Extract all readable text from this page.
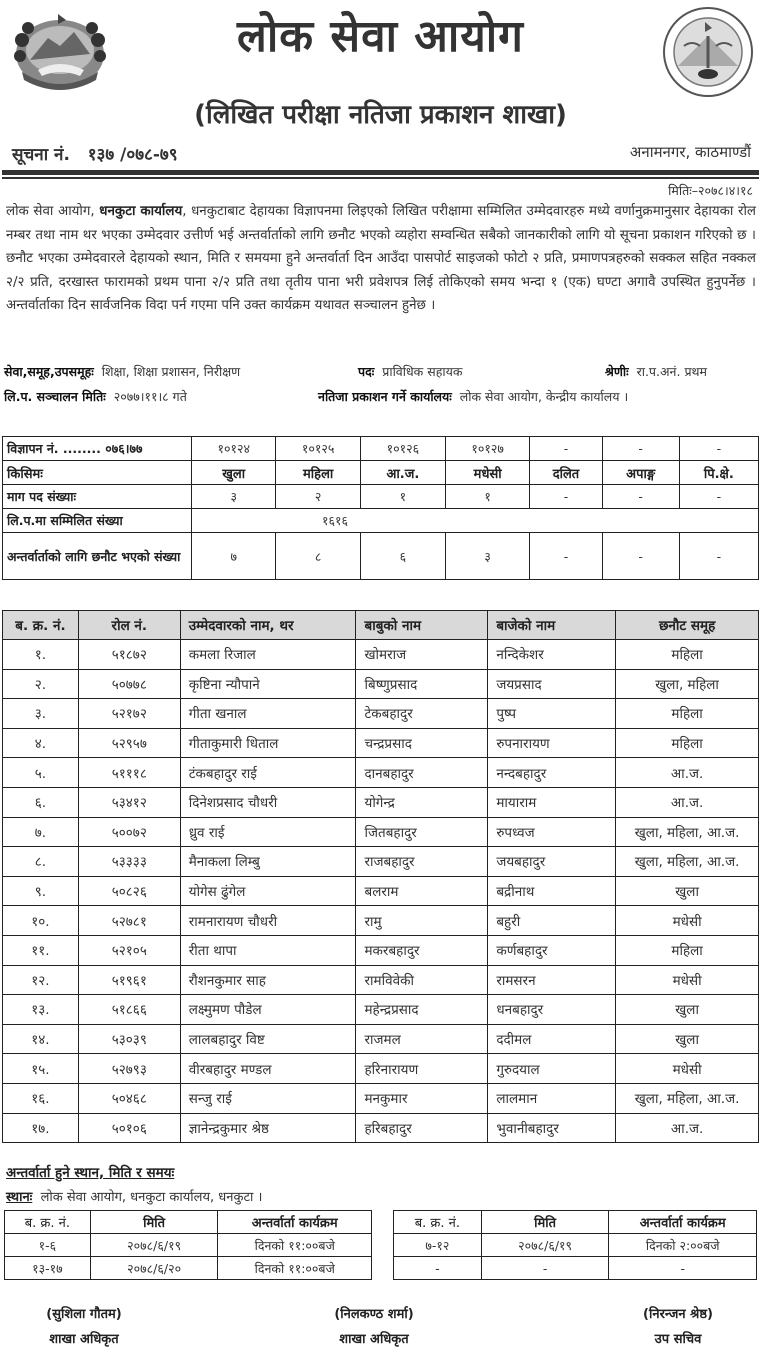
लोक सेवा आयोग
(लिखित परीक्षा नतिजा प्रकाशन शाखा)
सूचना नं. १३७ /०७८-७९	अनामनगर, काठमाण्डौं
मितिः–२०७८।४।१८
लोक सेवा आयोग, धनकुटा कार्यालय, धनकुटाबाट देहायका विज्ञापनमा लिइएको लिखित परीक्षामा सम्मिलित उम्मेदवारहरु मध्ये वर्णानुक्रमानुसार देहायका रोल नम्बर तथा नाम थर भएका उम्मेदवार उत्तीर्ण भई अन्तर्वार्ताको लागि छनौट भएको व्यहोरा सम्वन्धित सबैको जानकारीको लागि यो सूचना प्रकाशन गरिएको छ । छनौट भएका उम्मेदवारले देहायको स्थान, मिति र समयमा हुने अन्तर्वार्ता दिन आउँदा पासपोर्ट साइजको फोटो २ प्रति, प्रमाणपत्रहरुको सक्कल सहित नक्कल २/२ प्रति, दरखास्त फारामको प्रथम पाना २/२ प्रति तथा तृतीय पाना भरी प्रवेशपत्र लिई तोकिएको समय भन्दा १ (एक) घण्टा अगावै उपस्थित हुनुपर्नेछ । अन्तर्वार्ताका दिन सार्वजनिक विदा पर्न गएमा पनि उक्त कार्यक्रम यथावत सञ्चालन हुनेछ ।
सेवा,समूह,उपसमूहः शिक्षा, शिक्षा प्रशासन, निरीक्षण	पदः प्राविधिक सहायक	श्रेणीः रा.प.अनं. प्रथम
लि.प. सञ्चालन मितिः २०७७।११।८ गते	नतिजा प्रकाशन गर्ने कार्यालयः लोक सेवा आयोग, केन्द्रीय कार्यालय ।
विज्ञापन नं. ........ ०७६।७७	१०१२४	१०१२५	१०१२६	१०१२७	-	-	-
किसिमः	खुला	महिला	आ.ज.	मधेसी	दलित	अपाङ्ग	पि.क्षे.
माग पद संख्याः	३	२	१	१	-	-	-
लि.प.मा सम्मिलित संख्या	१६१६						
अन्तर्वार्ताको लागि छनौट भएको संख्या	७	८	६	३	-	-	-
ब. क्र. नं.	रोल नं.	उम्मेदवारको नाम, थर	बाबुको नाम	बाजेको नाम	छनौट समूह
१.	५१८७२	कमला रिजाल	खोमराज	नन्दिकेशर	महिला
२.	५०७७८	कृष्टिना न्यौपाने	बिष्णुप्रसाद	जयप्रसाद	खुला, महिला
३.	५२१७२	गीता खनाल	टेकबहादुर	पुष्प	महिला
४.	५२९५७	गीताकुमारी धिताल	चन्द्रप्रसाद	रुपनारायण	महिला
५.	५१११८	टंकबहादुर राई	दानबहादुर	नन्दबहादुर	आ.ज.
६.	५३४१२	दिनेशप्रसाद चौधरी	योगेन्द्र	मायाराम	आ.ज.
७.	५००७२	ध्रुव राई	जितबहादुर	रुपध्वज	खुला, महिला, आ.ज.
८.	५३३३३	मैनाकला लिम्बु	राजबहादुर	जयबहादुर	खुला, महिला, आ.ज.
९.	५०८२६	योगेस ढुंगेल	बलराम	बद्रीनाथ	खुला
१०.	५२७८१	रामनारायण चौधरी	रामु	बहुरी	मधेसी
११.	५२१०५	रीता थापा	मकरबहादुर	कर्णबहादुर	महिला
१२.	५१९६१	रौशनकुमार साह	रामविवेकी	रामसरन	मधेसी
१३.	५१८६६	लक्ष्मुमण पौडेल	महेन्द्रप्रसाद	धनबहादुर	खुला
१४.	५३०३९	लालबहादुर विष्ट	राजमल	ददीमल	खुला
१५.	५२७९३	वीरबहादुर मण्डल	हरिनारायण	गुरुदयाल	मधेसी
१६.	५०४६८	सन्जु राई	मनकुमार	लालमान	खुला, महिला, आ.ज.
१७.	५०१०६	ज्ञानेन्द्रकुमार श्रेष्ठ	हरिबहादुर	भुवानीबहादुर	आ.ज.
अन्तर्वार्ता हुने स्थान, मिति र समयः
स्थानः लोक सेवा आयोग, धनकुटा कार्यालय, धनकुटा ।
ब. क्र. नं.	मिति	अन्तर्वार्ता कार्यक्रम
१-६	२०७८/६/१९	दिनको ११:००बजे
१३-१७	२०७८/६/२०	दिनको ११:००बजे
ब. क्र. नं.	मिति	अन्तर्वार्ता कार्यक्रम
७-१२	२०७८/६/१९	दिनको २:००बजे
-	-	-
(सुशिला गौतम)
शाखा अधिकृत
(निलकण्ठ शर्मा)
शाखा अधिकृत
(निरन्जन श्रेष्ठ)
उप सचिव
